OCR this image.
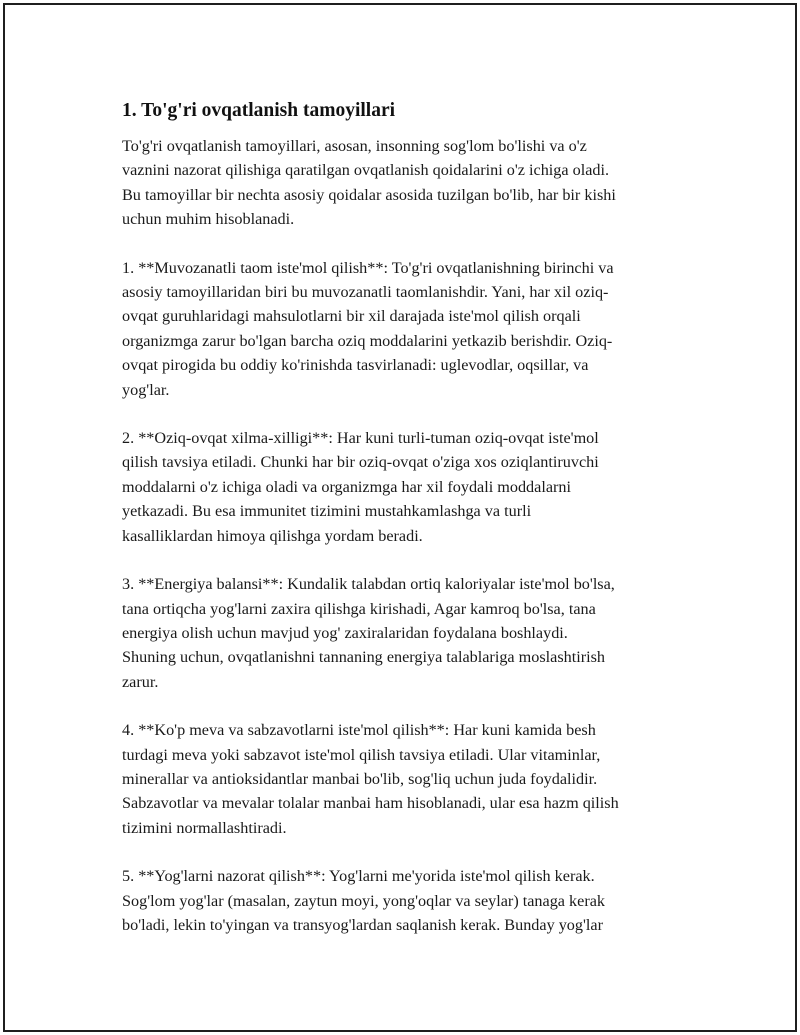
1. To'g'ri ovqatlanish tamoyillari

To'g'ri ovqatlanish tamoyillari, asosan, insonning sog'lom bo'lishi va o'z
vaznini nazorat qilishiga qaratilgan ovqatlanish qoidalarini o'z ichiga oladi.
Bu tamoyillar bir nechta asosiy qoidalar asosida tuzilgan bo'lib, har bir kishi
uchun muhim hisoblanadi.

1. **Muvozanatli taom iste'mol qilish**: To'g'ri ovqatlanishning birinchi va
asosiy tamoyillaridan biri bu muvozanatli taomlanishdir. Yani, har xil oziq-
ovqat guruhlaridagi mahsulotlarni bir xil darajada iste'mol qilish orqali
organizmga zarur bo'lgan barcha oziq moddalarini yetkazib berishdir. Oziq-
ovqat pirogida bu oddiy ko'rinishda tasvirlanadi: uglevodlar, oqsillar, va
yog'lar.

2. **Oziq-ovqat xilma-xilligi**: Har kuni turli-tuman oziq-ovqat iste'mol
qilish tavsiya etiladi. Chunki har bir oziq-ovqat o'ziga xos oziqlantiruvchi
moddalarni o'z ichiga oladi va organizmga har xil foydali moddalarni
yetkazadi. Bu esa immunitet tizimini mustahkamlashga va turli
kasalliklardan himoya qilishga yordam beradi.

3. **Energiya balansi**: Kundalik talabdan ortiq kaloriyalar iste'mol bo'lsa,
tana ortiqcha yog'larni zaxira qilishga kirishadi, Agar kamroq bo'lsa, tana
energiya olish uchun mavjud yog' zaxiralaridan foydalana boshlaydi.
Shuning uchun, ovqatlanishni tannaning energiya talablariga moslashtirish
zarur.

4. **Ko'p meva va sabzavotlarni iste'mol qilish**: Har kuni kamida besh
turdagi meva yoki sabzavot iste'mol qilish tavsiya etiladi. Ular vitaminlar,
minerallar va antioksidantlar manbai bo'lib, sog'liq uchun juda foydalidir.
Sabzavotlar va mevalar tolalar manbai ham hisoblanadi, ular esa hazm qilish
tizimini normallashtiradi.

5. **Yog'larni nazorat qilish**: Yog'larni me'yorida iste'mol qilish kerak.
Sog'lom yog'lar (masalan, zaytun moyi, yong'oqlar va seylar) tanaga kerak
bo'ladi, lekin to'yingan va transyog'lardan saqlanish kerak. Bunday yog'lar
